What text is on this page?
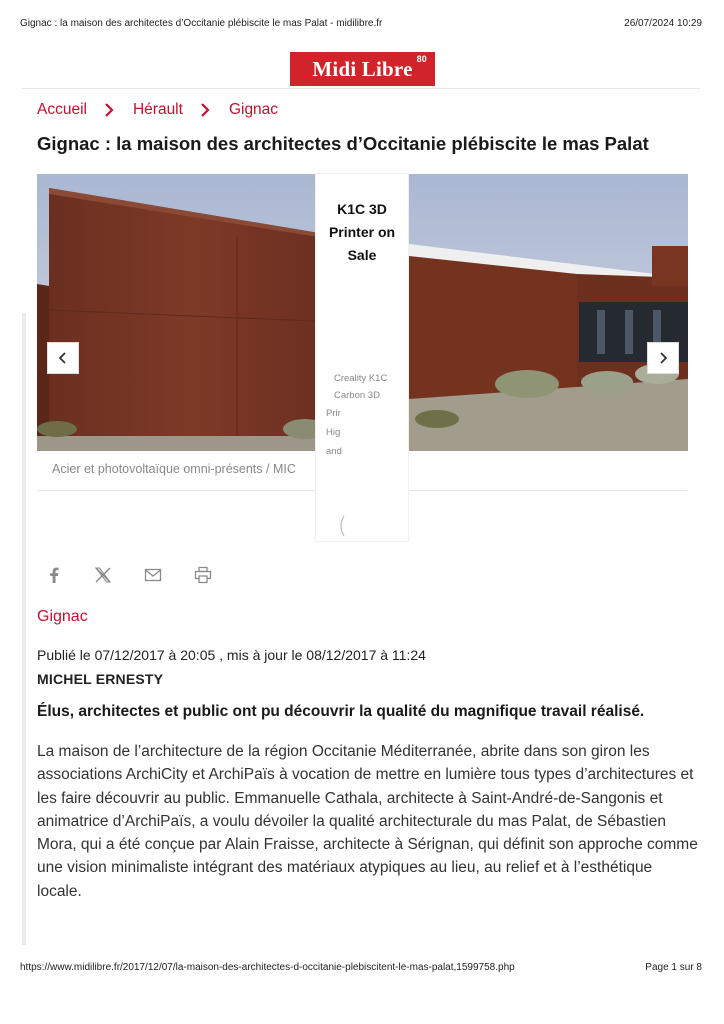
Gignac : la maison des architectes d’Occitanie plébiscite le mas Palat - midilibre.fr	26/07/2024 10:29
Midi Libre 80
Accueil	Hérault	Gignac
Gignac : la maison des architectes d’Occitanie plébiscite le mas Palat
Acier et photovoltaïque omni-présents / MIC
K1C 3D Printer on Sale
Creality K1C
Carbon 3D
Prir
Hig
and
Gignac
Publié le 07/12/2017 à 20:05 , mis à jour le 08/12/2017 à 11:24
MICHEL ERNESTY
Élus, architectes et public ont pu découvrir la qualité du magnifique travail réalisé.
La maison de l’architecture de la région Occitanie Méditerranée, abrite dans son giron les associations ArchiCity et ArchiPaïs à vocation de mettre en lumière tous types d’architectures et les faire découvrir au public. Emmanuelle Cathala, architecte à Saint-André-de-Sangonis et animatrice d’ArchiPaïs, a voulu dévoiler la qualité architecturale du mas Palat, de Sébastien Mora, qui a été conçue par Alain Fraisse, architecte à Sérignan, qui définit son approche comme une vision minimaliste intégrant des matériaux atypiques au lieu, au relief et à l’esthétique locale.
https://www.midilibre.fr/2017/12/07/la-maison-des-architectes-d-occitanie-plebiscitent-le-mas-palat,1599758.php	Page 1 sur 8
